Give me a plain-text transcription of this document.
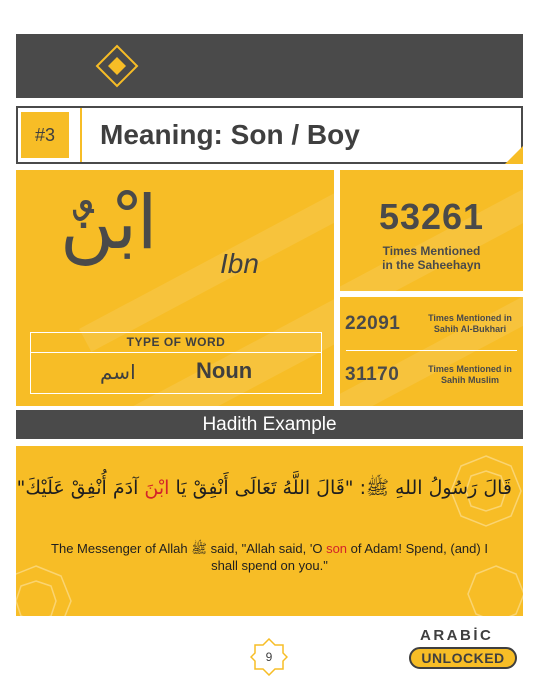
#3	Meaning: Son / Boy
ابْنٌ Ibn
TYPE OF WORD
اسم	Noun
53261
Times Mentioned
in the Saheehayn
22091	Times Mentioned in
Sahih Al-Bukhari
31170	Times Mentioned in
Sahih Muslim
Hadith Example
قَالَ رَسُولُ اللهِ ﷺ: "قَالَ اللَّهُ تَعَالَى أَنْفِقْ يَا ابْنَ آدَمَ أُنْفِقْ عَلَيْكَ"
The Messenger of Allah ﷺ said, "Allah said, 'O son of Adam! Spend, (and) I shall spend on you."
9
ARABİC
UNLOCKED
